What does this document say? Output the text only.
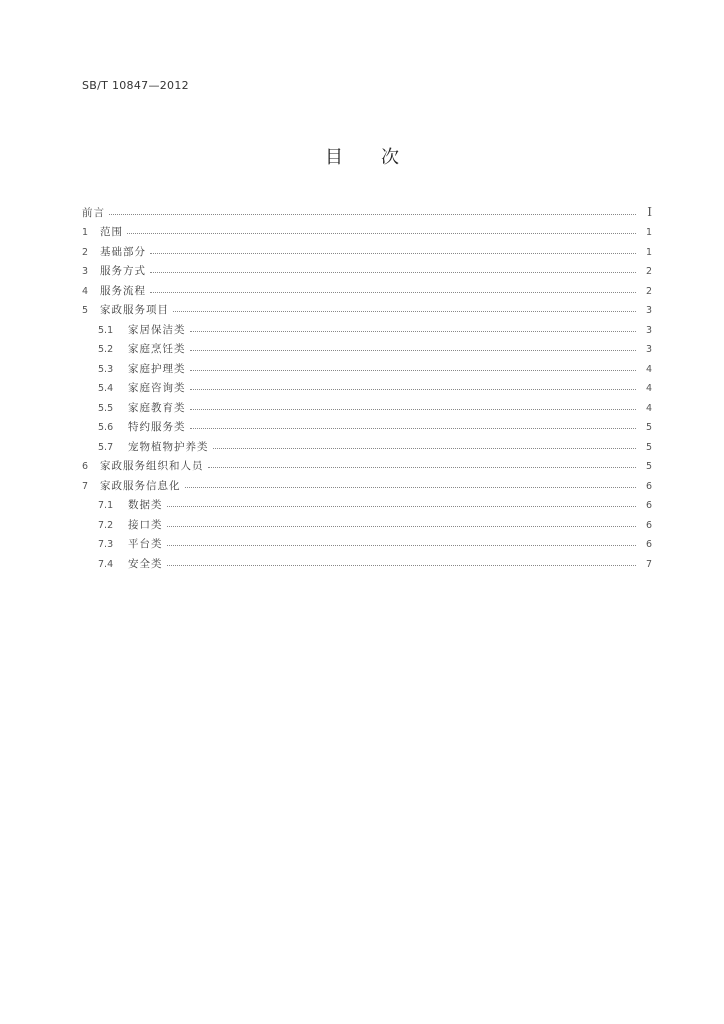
SB/T 10847—2012
目次
前言	Ⅰ
1	范围	1
2	基础部分	1
3	服务方式	2
4	服务流程	2
5	家政服务项目	3
5.1	家居保洁类	3
5.2	家庭烹饪类	3
5.3	家庭护理类	4
5.4	家庭咨询类	4
5.5	家庭教育类	4
5.6	特约服务类	5
5.7	宠物植物护养类	5
6	家政服务组织和人员	5
7	家政服务信息化	6
7.1	数据类	6
7.2	接口类	6
7.3	平台类	6
7.4	安全类	7
